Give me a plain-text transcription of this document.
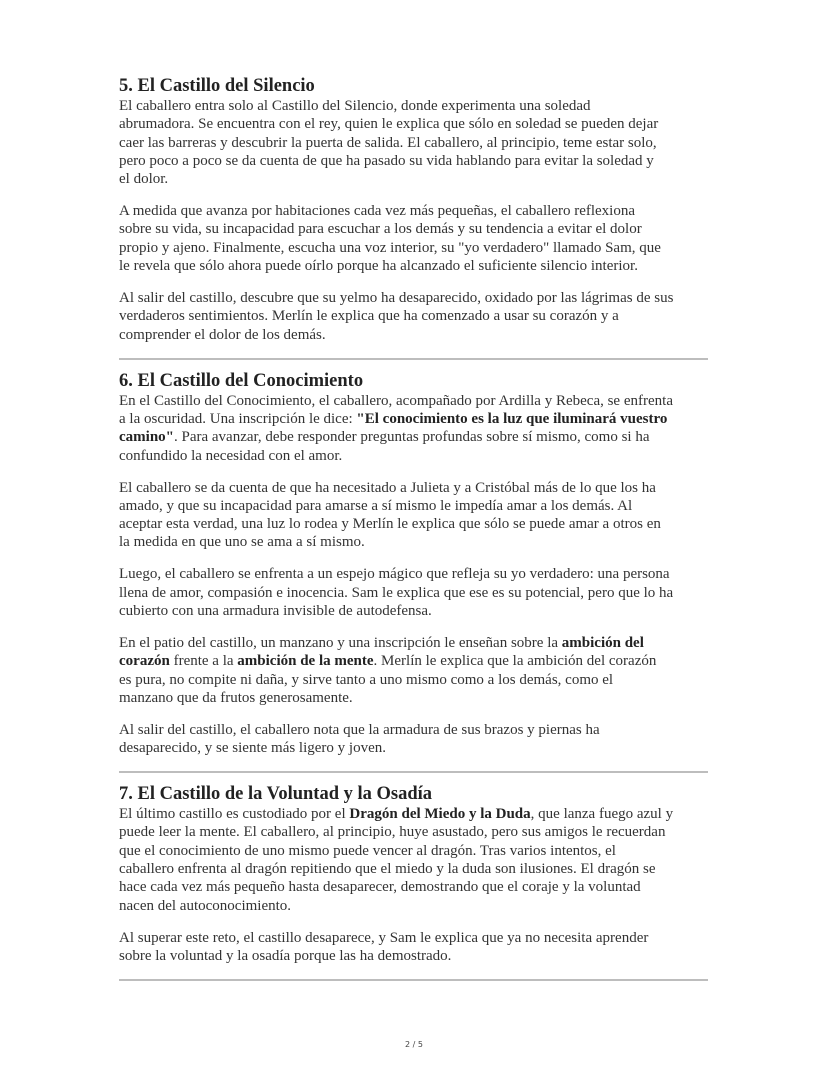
5. El Castillo del Silencio

El caballero entra solo al Castillo del Silencio, donde experimenta una soledad
abrumadora. Se encuentra con el rey, quien le explica que sólo en soledad se pueden dejar
caer las barreras y descubrir la puerta de salida. El caballero, al principio, teme estar solo,
pero poco a poco se da cuenta de que ha pasado su vida hablando para evitar la soledad y
el dolor.

A medida que avanza por habitaciones cada vez más pequeñas, el caballero reflexiona
sobre su vida, su incapacidad para escuchar a los demás y su tendencia a evitar el dolor
propio y ajeno. Finalmente, escucha una voz interior, su "yo verdadero" llamado Sam, que
le revela que sólo ahora puede oírlo porque ha alcanzado el suficiente silencio interior.

Al salir del castillo, descubre que su yelmo ha desaparecido, oxidado por las lágrimas de sus
verdaderos sentimientos. Merlín le explica que ha comenzado a usar su corazón y a
comprender el dolor de los demás.

6. El Castillo del Conocimiento

En el Castillo del Conocimiento, el caballero, acompañado por Ardilla y Rebeca, se enfrenta
a la oscuridad. Una inscripción le dice: "El conocimiento es la luz que iluminará vuestro
camino". Para avanzar, debe responder preguntas profundas sobre sí mismo, como si ha
confundido la necesidad con el amor.

El caballero se da cuenta de que ha necesitado a Julieta y a Cristóbal más de lo que los ha
amado, y que su incapacidad para amarse a sí mismo le impedía amar a los demás. Al
aceptar esta verdad, una luz lo rodea y Merlín le explica que sólo se puede amar a otros en
la medida en que uno se ama a sí mismo.

Luego, el caballero se enfrenta a un espejo mágico que refleja su yo verdadero: una persona
llena de amor, compasión e inocencia. Sam le explica que ese es su potencial, pero que lo ha
cubierto con una armadura invisible de autodefensa.

En el patio del castillo, un manzano y una inscripción le enseñan sobre la ambición del
corazón frente a la ambición de la mente. Merlín le explica que la ambición del corazón
es pura, no compite ni daña, y sirve tanto a uno mismo como a los demás, como el
manzano que da frutos generosamente.

Al salir del castillo, el caballero nota que la armadura de sus brazos y piernas ha
desaparecido, y se siente más ligero y joven.

7. El Castillo de la Voluntad y la Osadía

El último castillo es custodiado por el Dragón del Miedo y la Duda, que lanza fuego azul y
puede leer la mente. El caballero, al principio, huye asustado, pero sus amigos le recuerdan
que el conocimiento de uno mismo puede vencer al dragón. Tras varios intentos, el
caballero enfrenta al dragón repitiendo que el miedo y la duda son ilusiones. El dragón se
hace cada vez más pequeño hasta desaparecer, demostrando que el coraje y la voluntad
nacen del autoconocimiento.

Al superar este reto, el castillo desaparece, y Sam le explica que ya no necesita aprender
sobre la voluntad y la osadía porque las ha demostrado.

2 / 5
